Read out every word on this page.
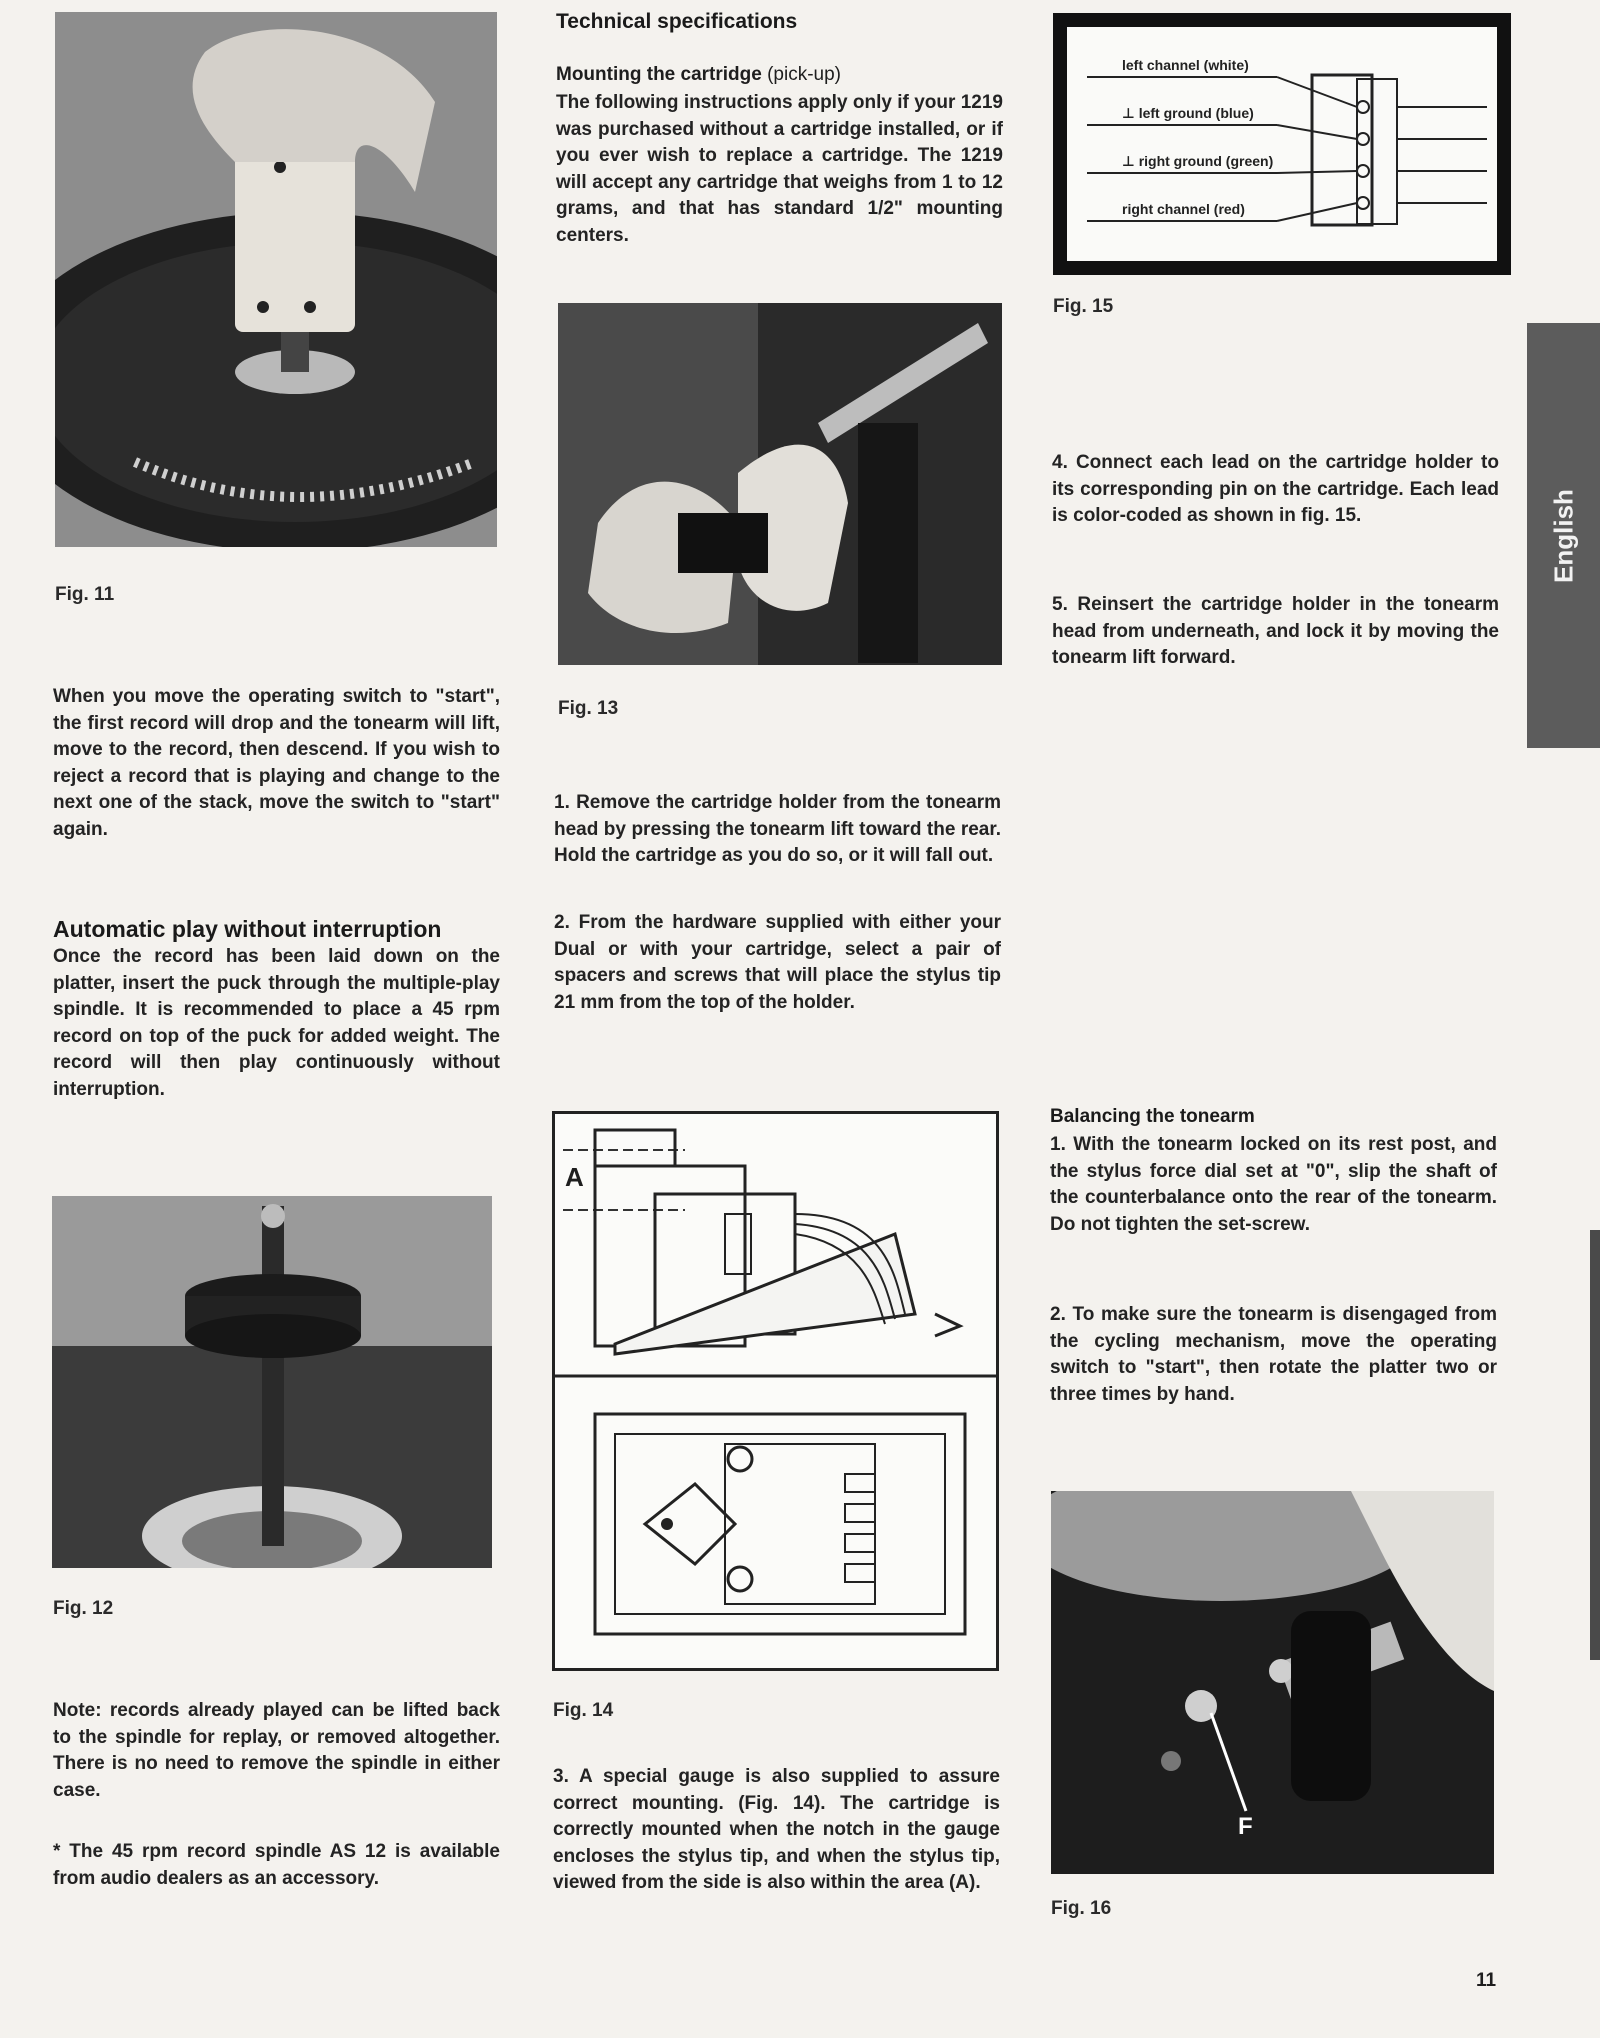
Fig. 11

When you move the operating switch to "start", the first record will drop and the tonearm will lift, move to the record, then descend. If you wish to reject a record that is playing and change to the next one of the stack, move the switch to "start" again.

Automatic play without interruption

Once the record has been laid down on the platter, insert the puck through the multiple-play spindle. It is recommended to place a 45 rpm record on top of the puck for added weight. The record will then play continuously without interruption.

Fig. 12

Note: records already played can be lifted back to the spindle for replay, or removed altogether. There is no need to remove the spindle in either case.

* The 45 rpm record spindle AS 12 is available from audio dealers as an accessory.

Technical specifications
Mounting the cartridge (pick-up)

The following instructions apply only if your 1219 was purchased without a cartridge installed, or if you ever wish to replace a cartridge. The 1219 will accept any cartridge that weighs from 1 to 12 grams, and that has standard 1/2" mounting centers.

Fig. 13

1. Remove the cartridge holder from the tonearm head by pressing the tonearm lift toward the rear. Hold the cartridge as you do so, or it will fall out.

2. From the hardware supplied with either your Dual or with your cartridge, select a pair of spacers and screws that will place the stylus tip 21 mm from the top of the holder.

A
Fig. 14

3. A special gauge is also supplied to assure correct mounting. (Fig. 14). The cartridge is correctly mounted when the notch in the gauge encloses the stylus tip, and when the stylus tip, viewed from the side is also within the area (A).

left channel (white)
⊥ left ground (blue)
⊥ right ground (green)
right channel (red)
Fig. 15

4. Connect each lead on the cartridge holder to its corresponding pin on the cartridge. Each lead is color-coded as shown in fig. 15.

5. Reinsert the cartridge holder in the tonearm head from underneath, and lock it by moving the tonearm lift forward.

Balancing the tonearm

1. With the tonearm locked on its rest post, and the stylus force dial set at "0", slip the shaft of the counterbalance onto the rear of the tonearm. Do not tighten the set-screw.

2. To make sure the tonearm is disengaged from the cycling mechanism, move the operating switch to "start", then rotate the platter two or three times by hand.

F
Fig. 16
English
11
